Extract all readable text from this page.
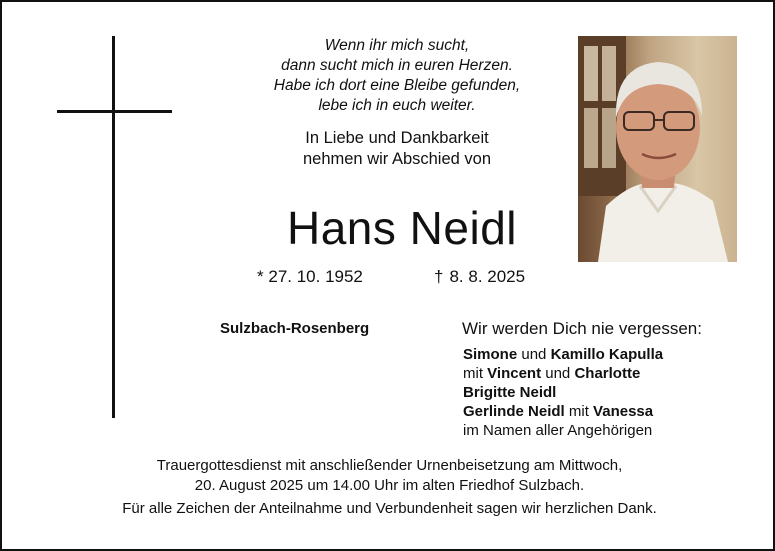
Wenn ihr mich sucht,
dann sucht mich in euren Herzen.
Habe ich dort eine Bleibe gefunden,
lebe ich in euch weiter.
In Liebe und Dankbarkeit
nehmen wir Abschied von
Hans Neidl
* 27. 10. 1952	† 8. 8. 2025
Sulzbach-Rosenberg	Wir werden Dich nie vergessen:
Simone und Kamillo Kapulla
mit Vincent und Charlotte
Brigitte Neidl
Gerlinde Neidl mit Vanessa
im Namen aller Angehörigen
Trauergottesdienst mit anschließender Urnenbeisetzung am Mittwoch,
20. August 2025 um 14.00 Uhr im alten Friedhof Sulzbach.
Für alle Zeichen der Anteilnahme und Verbundenheit sagen wir herzlichen Dank.
